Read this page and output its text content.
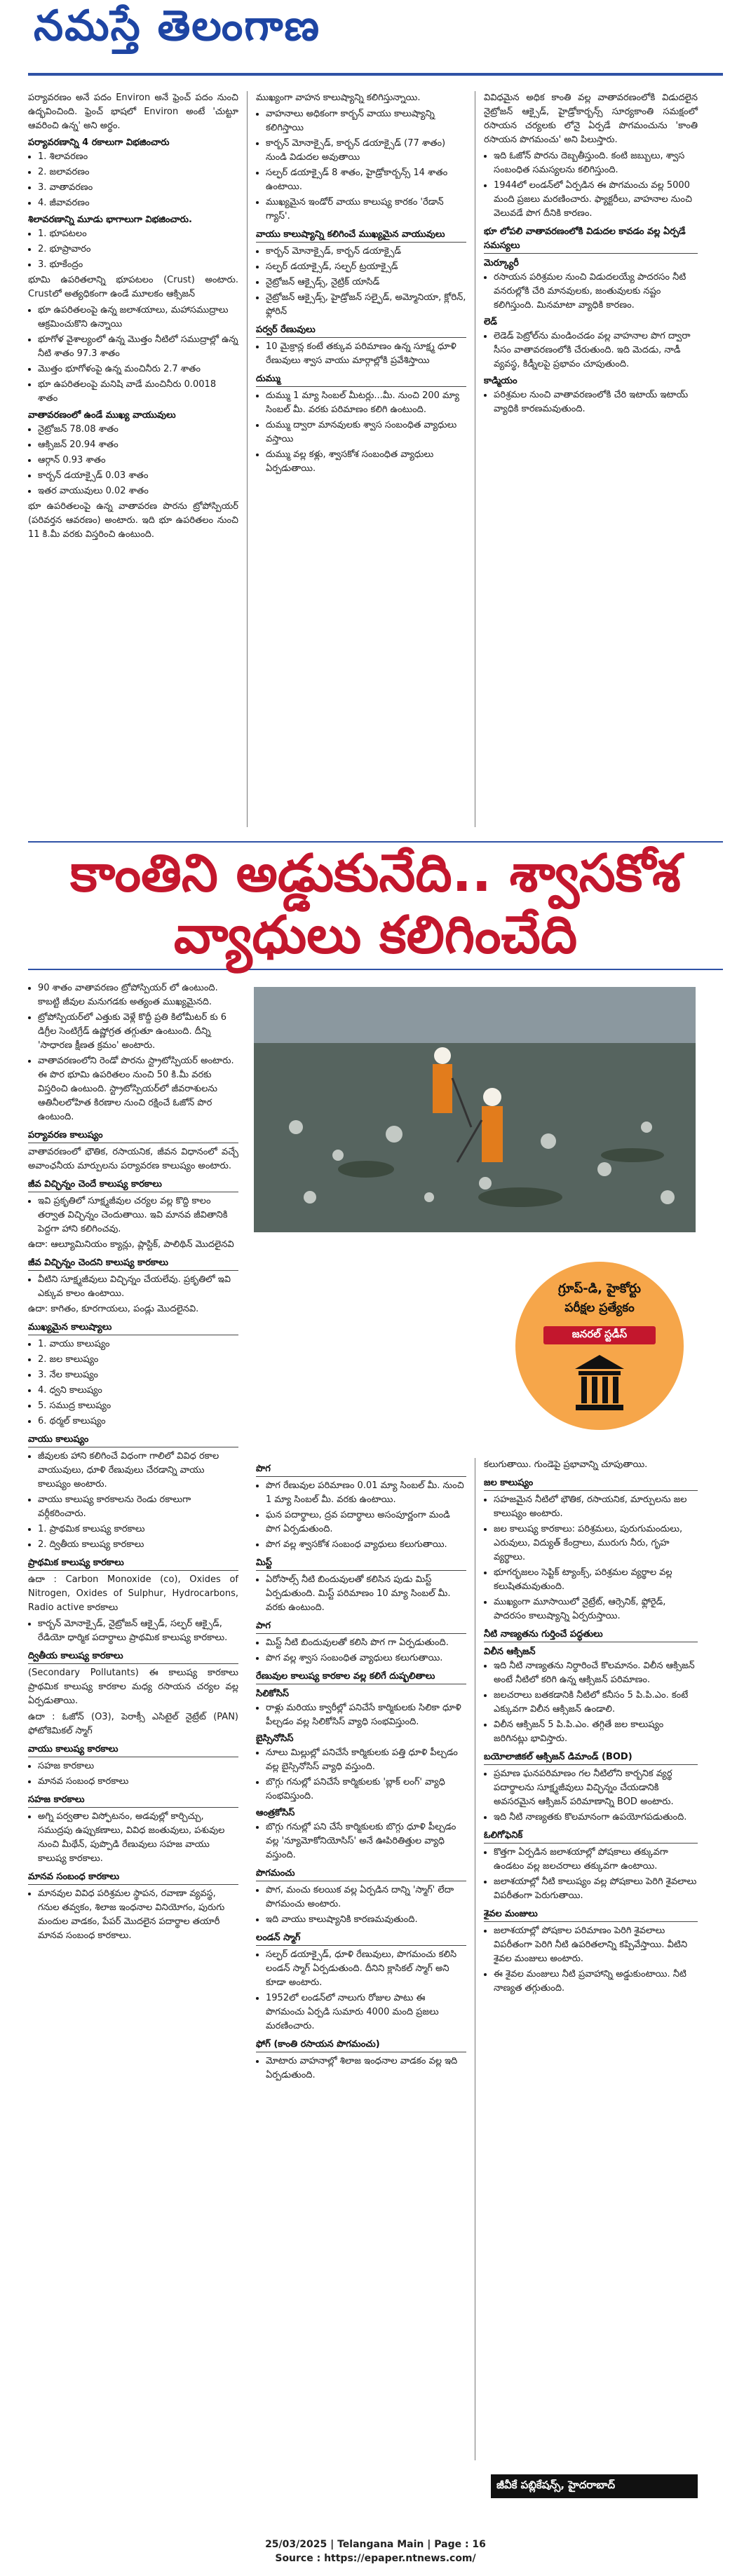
నమస్తే తెలంగాణ

పర్యావరణం అనే పదం Environ అనే ఫ్రెంచ్ పదం నుంచి ఉద్భవించింది. ఫ్రెంచ్ భాషలో Environ అంటే 'చుట్టూ ఆవరించి ఉన్న' అని అర్థం.

పర్యావరణాన్ని 4 రకాలుగా విభజించారు
• 1. శిలావరణం
• 2. జలావరణం
• 3. వాతావరణం
• 4. జీవావరణం
శిలావరణాన్ని మూడు భాగాలుగా విభజించారు.
• 1. భూపటలం
• 2. భూప్రావారం
• 3. భూకేంద్రం

భూమి ఉపరితలాన్ని భూపటలం (Crust) అంటారు. Crustలో అత్యధికంగా ఉండే మూలకం ఆక్సిజన్

• భూ ఉపరితలంపై ఉన్న జలాశయాలు, మహాసముద్రాలు ఆక్రమించుకొని ఉన్నాయి
• భూగోళ వైశాల్యంలో ఉన్న మొత్తం నీటిలో సముద్రాల్లో ఉన్న నీటి శాతం 97.3 శాతం
• మొత్తం భూగోళంపై ఉన్న మంచినీరు 2.7 శాతం
• భూ ఉపరితలంపై మనిషి వాడే మంచినీరు 0.0018 శాతం
వాతావరణంలో ఉండే ముఖ్య వాయువులు
• నైట్రోజన్ 78.08 శాతం
• ఆక్సిజన్ 20.94 శాతం
• ఆర్గాన్ 0.93 శాతం
• కార్బన్ డయాక్సైడ్ 0.03 శాతం
• ఇతర వాయువులు 0.02 శాతం

భూ ఉపరితలంపై ఉన్న వాతావరణ పొరను ట్రోపోస్పియర్ (పరివర్తన ఆవరణం) అంటారు. ఇది భూ ఉపరితలం నుంచి 11 కి.మీ వరకు విస్తరించి ఉంటుంది.

ముఖ్యంగా వాహన కాలుష్యాన్ని కలిగిస్తున్నాయి.

• వాహనాలు అధికంగా కార్బన్ వాయు కాలుష్యాన్ని కలిగిస్తాయి
• కార్బన్ మోనాక్సైడ్, కార్బన్ డయాక్సైడ్ (77 శాతం) నుండి విడుదల అవుతాయి
• సల్ఫర్ డయాక్సైడ్ 8 శాతం, హైడ్రోకార్బన్స్ 14 శాతం ఉంటాయి.
• ముఖ్యమైన ఇండోర్ వాయు కాలుష్య కారకం 'రేడాన్ గ్యాస్'.
వాయు కాలుష్యాన్ని కలిగించే ముఖ్యమైన వాయువులు
• కార్బన్ మోనాక్సైడ్, కార్బన్ డయాక్సైడ్
• సల్ఫర్ డయాక్సైడ్, సల్ఫర్ ట్రయాక్సైడ్
• నైట్రోజన్ ఆక్సైడ్స్, నైట్రిక్ యాసిడ్
• నైట్రోజన్ ఆక్సైడ్స్, హైడ్రోజన్ సల్ఫైడ్, అమ్మోనియా, క్లోరిన్, ఫ్లోరిన్
పర్వర్ రేణువులు
• 10 మైక్రాన్ల కంటే తక్కువ పరిమాణం ఉన్న సూక్ష్మ ధూళి రేణువులు శ్వాస వాయు మార్గాల్లోకి ప్రవేశిస్తాయి
దుమ్ము
• దుమ్ము 1 మ్యా సింబల్ మీటర్లు...మీ. నుంచి 200 మ్యా సింబల్ మీ. వరకు పరిమాణం కలిగి ఉంటుంది.
• దుమ్ము ద్వారా మానవులకు శ్వాస సంబంధిత వ్యాధులు వస్తాయి
• దుమ్ము వల్ల కళ్లు, శ్వాసకోశ సంబంధిత వ్యాధులు ఏర్పడుతాయి.

వివిధమైన అధిక కాంతి వల్ల వాతావరణంలోకి విడుదలైన నైట్రోజన్ ఆక్సైడ్, హైడ్రోకార్బన్స్ సూర్యకాంతి సమక్షంలో రసాయన చర్యలకు లోనై ఏర్పడే పొగమంచును 'కాంతి రసాయన పొగమంచు' అని పిలుస్తారు.

• ఇది ఓజోన్ పొరను దెబ్బతీస్తుంది. కంటి జబ్బులు, శ్వాస సంబంధిత సమస్యలను కలిగిస్తుంది.
• 1944లో లండన్‌లో ఏర్పడిన ఈ పొగమంచు వల్ల 5000 మంది ప్రజలు మరణించారు. ఫ్యాక్టరీలు, వాహనాల నుంచి వెలువడే పొగ దీనికి కారణం.
భూ లోపలి వాతావరణంలోకి విడుదల కావడం వల్ల ఏర్పడే సమస్యలు
మెర్క్యూరీ
• రసాయన పరిశ్రమల నుంచి విడుదలయ్యే పాదరసం నీటి వనరుల్లోకి చేరి మానవులకు, జంతువులకు నష్టం కలిగిస్తుంది. మినమాటా వ్యాధికి కారణం.
లెడ్
• లెడెడ్ పెట్రోల్‌ను మండించడం వల్ల వాహనాల పొగ ద్వారా సీసం వాతావరణంలోకి చేరుతుంది. ఇది మెదడు, నాడీ వ్యవస్థ, కిడ్నీలపై ప్రభావం చూపుతుంది.
కాడ్మియం
• పరిశ్రమల నుంచి వాతావరణంలోకి చేరి ఇటాయ్ ఇటాయ్ వ్యాధికి కారణమవుతుంది.
కాంతిని అడ్డుకునేది.. శ్వాసకోశ
వ్యాధులు కలిగించేది
• 90 శాతం వాతావరణం ట్రోపోస్పియర్ లో ఉంటుంది. కాబట్టి జీవుల మనుగడకు అత్యంత ముఖ్యమైనది.
• ట్రోపోస్పియర్‌లో ఎత్తుకు వెళ్లే కొద్దీ ప్రతి కిలోమీటర్ కు 6 డిగ్రీల సెంటిగ్రేడ్ ఉష్ణోగ్రత తగ్గుతూ ఉంటుంది. దీన్ని 'సాధారణ క్షీణత క్రమం' అంటారు.
• వాతావరణంలోని రెండో పొరను స్ట్రాటోస్పియర్ అంటారు. ఈ పొర భూమి ఉపరితలం నుంచి 50 కి.మీ వరకు విస్తరించి ఉంటుంది. స్ట్రాటోస్పియర్‌లో జీవరాశులను ఆతినీలలోహిత కిరణాల నుంచి రక్షించే ఓజోన్ పొర ఉంటుంది.
పర్యావరణ కాలుష్యం

వాతావరణంలో భౌతిక, రసాయనిక, జీవన విధానంలో వచ్చే అవాంఛనీయ మార్పులను పర్యావరణ కాలుష్యం అంటారు.

జీవ విచ్ఛిన్నం చెందే కాలుష్య కారకాలు
• ఇవి ప్రకృతిలో సూక్ష్మజీవుల చర్యల వల్ల కొద్ది కాలం తర్వాత విచ్ఛిన్నం చెందుతాయి. ఇవి మానవ జీవితానికి పెద్దగా హాని కలిగించవు.

ఉదా: ఆల్యూమినియం క్యాన్లు, ప్లాస్టిక్, పాలిథిన్ మొదలైనవి

జీవ విచ్ఛిన్నం చెందని కాలుష్య కారకాలు
• వీటిని సూక్ష్మజీవులు విచ్ఛిన్నం చేయలేవు. ప్రకృతిలో ఇవి ఎక్కువ కాలం ఉంటాయి.

ఉదా: కాగితం, కూరగాయలు, పండ్లు మొదలైనవి.

ముఖ్యమైన కాలుష్యాలు
• 1. వాయు కాలుష్యం
• 2. జల కాలుష్యం
• 3. నేల కాలుష్యం
• 4. ధ్వని కాలుష్యం
• 5. సముద్ర కాలుష్యం
• 6. థర్మల్ కాలుష్యం
వాయు కాలుష్యం
• జీవులకు హాని కలిగించే విధంగా గాలిలో వివిధ రకాల వాయువులు, ధూళి రేణువులు చేరడాన్ని వాయు కాలుష్యం అంటారు.
• వాయు కాలుష్య కారకాలను రెండు రకాలుగా వర్గీకరించారు.
• 1. ప్రాథమిక కాలుష్య కారకాలు
• 2. ద్వితీయ కాలుష్య కారకాలు
ప్రాథమిక కాలుష్య కారకాలు

ఉదా : Carbon Monoxide (co), Oxides of Nitrogen, Oxides of Sulphur, Hydrocarbons, Radio active కారకాలు

• కార్బన్ మోనాక్సైడ్, నైట్రోజన్ ఆక్సైడ్, సల్ఫర్ ఆక్సైడ్, రేడియో ధార్మిక పదార్థాలు ప్రాథమిక కాలుష్య కారకాలు.
ద్వితీయ కాలుష్య కారకాలు

(Secondary Pollutants) ఈ కాలుష్య కారకాలు ప్రాథమిక కాలుష్య కారకాల మధ్య రసాయన చర్యల వల్ల ఏర్పడుతాయి.

ఉదా : ఓజోన్ (O3), పెరాక్సీ ఎసిటైల్ నైట్రేట్ (PAN) ఫోటోకెమికల్ స్మాగ్

వాయు కాలుష్య కారకాలు
• సహజ కారకాలు
• మానవ సంబంధ కారకాలు
సహజ కారకాలు
• అగ్ని పర్వతాల విస్ఫోటనం, అడవుల్లో కార్చిచ్చు, సముద్రపు ఉప్పుకణాలు, వివిధ జంతువులు, పశువుల నుంచి మీథేన్, పుప్పొడి రేణువులు సహజ వాయు కాలుష్య కారకాలు.
మానవ సంబంధ కారకాలు
• మానవుల వివిధ పరిశ్రమల స్థాపన, రవాణా వ్యవస్థ, గనుల తవ్వకం, శిలాజ ఇంధనాల వినియోగం, పురుగు మందుల వాడకం, పేపర్ మొదలైన పదార్థాల తయారీ మానవ సంబంధ కారకాలు.
పొగ
• పొగ రేణువుల పరిమాణం 0.01 మ్యా సింబల్ మీ. నుంచి 1 మ్యా సింబల్ మీ. వరకు ఉంటాయి.
• ఘన పదార్థాలు, ద్రవ పదార్థాలు అసంపూర్ణంగా మండి పొగ ఏర్పడుతుంది.
• పొగ వల్ల శ్వాసకోశ సంబంధ వ్యాధులు కలుగుతాయి.
మిస్ట్
• ఏరోసాల్స్ నీటి బిందువులతో కలిసిన పుడు మిస్ట్ ఏర్పడుతుంది. మిస్ట్ పరిమాణం 10 మ్యా సింబల్ మీ. వరకు ఉంటుంది.
పాగ
• మిస్ట్ నీటి బిందువులతో కలిసి పొగ గా ఏర్పడుతుంది.
• పొగ వల్ల శ్వాస సంబంధిత వ్యాధులు కలుగుతాయి.
రేణువుల కాలుష్య కారకాల వల్ల కలిగే దుష్ఫలితాలు
సిలికోసిస్
• రాళ్లు మరియు క్వారీల్లో పనిచేసే కార్మికులకు సిలికా ధూళి పీల్చడం వల్ల సిలికోసిస్ వ్యాధి సంభవిస్తుంది.
బైస్సినోసిస్
• నూలు మిల్లుల్లో పనిచేసే కార్మికులకు పత్తి ధూళి పీల్చడం వల్ల బైస్సినోసిస్ వ్యాధి వస్తుంది.
• బొగ్గు గనుల్లో పనిచేసే కార్మికులకు 'బ్లాక్ లంగ్' వ్యాధి సంభవిస్తుంది.
ఆంత్రకోసిస్
• బొగ్గు గనుల్లో పని చేసే కార్మికులకు బొగ్గు ధూళి పీల్చడం వల్ల 'న్యూమోకోనియోసిస్' అనే ఊపిరితిత్తుల వ్యాధి వస్తుంది.
పొగమంచు
• పొగ, మంచు కలయిక వల్ల ఏర్పడిన దాన్ని 'స్మాగ్' లేదా పొగమంచు అంటారు.
• ఇది వాయు కాలుష్యానికి కారణమవుతుంది.
లండన్ స్మాగ్
• సల్ఫర్ డయాక్సైడ్, ధూళి రేణువులు, పొగమంచు కలిసి లండన్ స్మాగ్ ఏర్పడుతుంది. దీనిని క్లాసికల్ స్మాగ్ అని కూడా అంటారు.
• 1952లో లండన్‌లో నాలుగు రోజుల పాటు ఈ పొగమంచు ఏర్పడి సుమారు 4000 మంది ప్రజలు మరణించారు.
ఫోగ్ (కాంతి రసాయన పొగమంచు)
• మోటారు వాహనాల్లో శిలాజ ఇంధనాల వాడకం వల్ల ఇది ఏర్పడుతుంది.
గ్రూప్-డి, హైకోర్టు
పరీక్షల ప్రత్యేకం
జనరల్ స్టడీస్

కలుగుతాయి. గుండెపై ప్రభావాన్ని చూపుతాయి.

జల కాలుష్యం
• సహజమైన నీటిలో భౌతిక, రసాయనిక, మార్పులను జల కాలుష్యం అంటారు.
• జల కాలుష్య కారకాలు: పరిశ్రమలు, పురుగుమందులు, ఎరువులు, విద్యుత్ కేంద్రాలు, మురుగు నీరు, గృహ వ్యర్థాలు.
• భూగర్భజలం సెప్టిక్ ట్యాంక్స్, పరిశ్రమల వ్యర్థాల వల్ల కలుషితమవుతుంది.
• ముఖ్యంగా మూసాయిలో నైట్రేట్, ఆర్సెనిక్, ఫ్లోరైడ్, పాదరసం కాలుష్యాన్ని ఏర్పరుస్తాయి.
నీటి నాణ్యతను గుర్తించే పద్ధతులు
విలీన ఆక్సిజన్
• ఇది నీటి నాణ్యతను నిర్ధారించే కొలమానం. విలీన ఆక్సిజన్ అంటే నీటిలో కరిగి ఉన్న ఆక్సిజన్ పరిమాణం.
• జలచరాలు బతకడానికి నీటిలో కనీసం 5 పి.పి.ఎం. కంటే ఎక్కువగా విలీన ఆక్సిజన్ ఉండాలి.
• విలీన ఆక్సిజన్ 5 పి.పి.ఎం. తగ్గితే జల కాలుష్యం జరిగినట్లు భావిస్తారు.
బయోలాజికల్ ఆక్సిజన్ డిమాండ్ (BOD)
• ప్రమాణ ఘనపరిమాణం గల నీటిలోని కార్బనిక వ్యర్థ పదార్థాలను సూక్ష్మజీవులు విచ్ఛిన్నం చేయడానికి అవసరమైన ఆక్సిజన్ పరిమాణాన్ని BOD అంటారు.
• ఇది నీటి నాణ్యతకు కొలమానంగా ఉపయోగపడుతుంది.
ఓలిగోఫెనిక్
• కొత్తగా ఏర్పడిన జలాశయాల్లో పోషకాలు తక్కువగా ఉండటం వల్ల జలచరాలు తక్కువగా ఉంటాయి.
• జలాశయాల్లో నీటి కాలుష్యం వల్ల పోషకాలు పెరిగి శైవలాలు విపరీతంగా పెరుగుతాయి.
శైవల మంజులు
• జలాశయాల్లో పోషకాల పరిమాణం పెరిగి శైవలాలు విపరీతంగా పెరిగి నీటి ఉపరితలాన్ని కప్పివేస్తాయి. వీటిని శైవల మంజులు అంటారు.
• ఈ శైవల మంజులు నీటి ప్రవాహాన్ని అడ్డుకుంటాయి. నీటి నాణ్యత తగ్గుతుంది.
జీవీకే పబ్లికేషన్స్, హైదరాబాద్
25/03/2025 | Telangana Main | Page : 16
Source : https://epaper.ntnews.com/
